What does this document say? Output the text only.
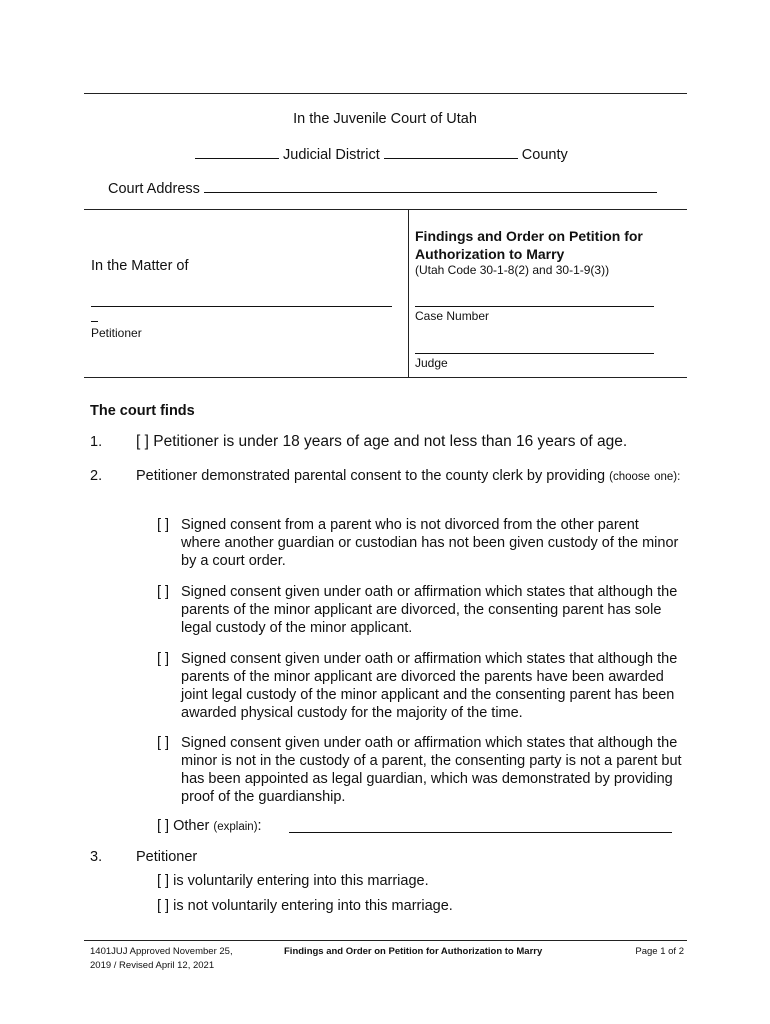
In the Juvenile Court of Utah
Judicial District	County
Court Address
In the Matter of
Petitioner
Findings and Order on Petition for
Authorization to Marry
(Utah Code 30-1-8(2) and 30-1-9(3))
Case Number
Judge
The court finds
1. [ ] Petitioner is under 18 years of age and not less than 16 years of age.
2. Petitioner demonstrated parental consent to the county clerk by providing (choose one):
[ ] Signed consent from a parent who is not divorced from the other parent where another guardian or custodian has not been given custody of the minor by a court order.
[ ] Signed consent given under oath or affirmation which states that although the parents of the minor applicant are divorced, the consenting parent has sole legal custody of the minor applicant.
[ ] Signed consent given under oath or affirmation which states that although the parents of the minor applicant are divorced the parents have been awarded joint legal custody of the minor applicant and the consenting parent has been awarded physical custody for the majority of the time.
[ ] Signed consent given under oath or affirmation which states that although the minor is not in the custody of a parent, the consenting party is not a parent but has been appointed as legal guardian, which was demonstrated by providing proof of the guardianship.
[ ] Other (explain):
3. Petitioner
[ ] is voluntarily entering into this marriage.
[ ] is not voluntarily entering into this marriage.
1401JUJ Approved November 25,
2019 / Revised April 12, 2021
Findings and Order on Petition for Authorization to Marry	Page 1 of 2
